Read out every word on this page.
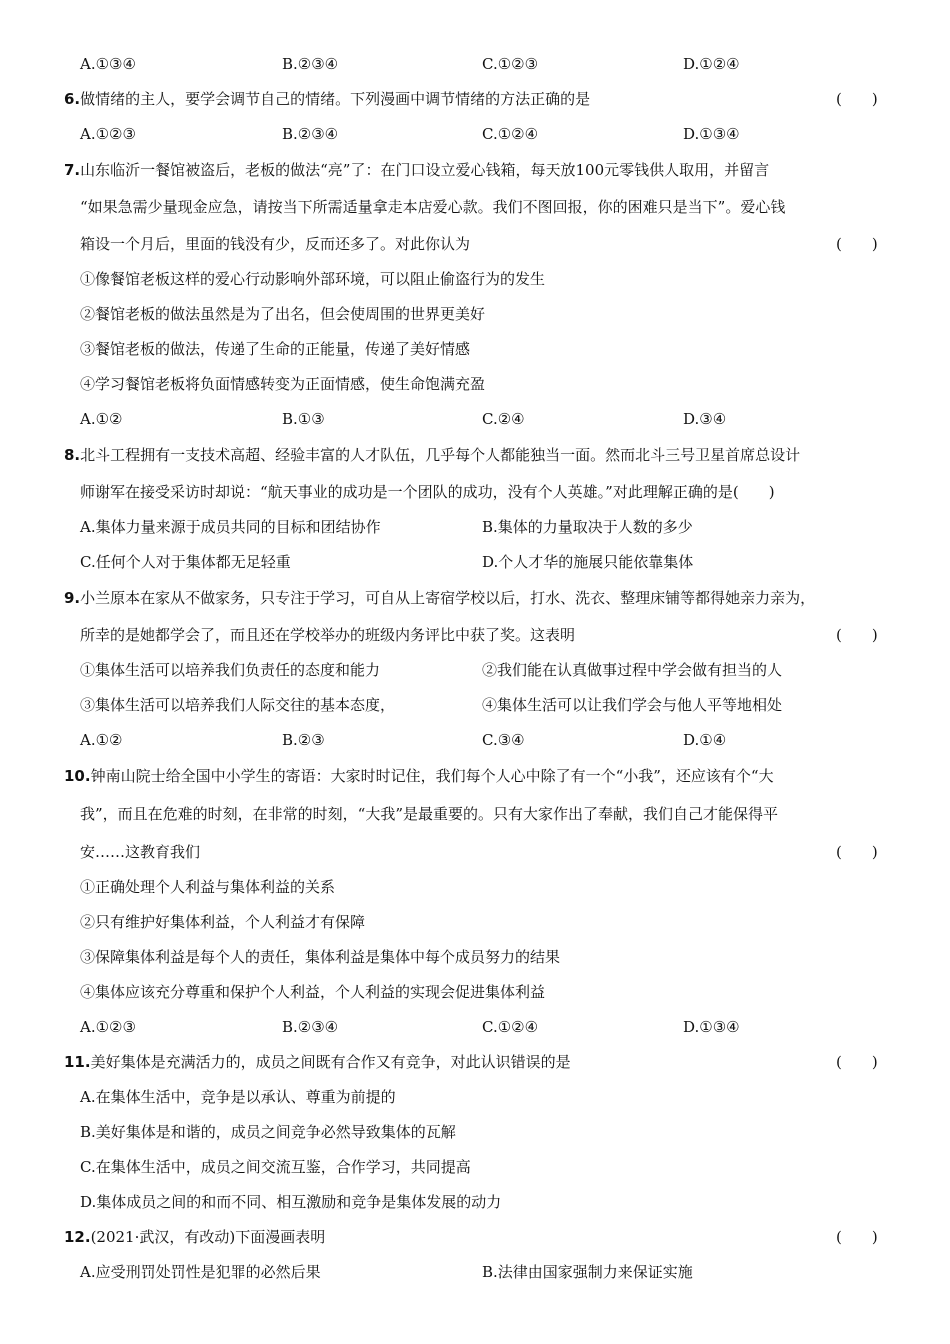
A.①③④	B.②③④	C.①②③	D.①②④
6.做情绪的主人，要学会调节自己的情绪。下列漫画中调节情绪的方法正确的是	(　　)
A.①②③	B.②③④	C.①②④	D.①③④
7.山东临沂一餐馆被盗后，老板的做法“亮”了：在门口设立爱心钱箱，每天放100元零钱供人取用，并留言
“如果急需少量现金应急，请按当下所需适量拿走本店爱心款。我们不图回报，你的困难只是当下”。爱心钱
箱设一个月后，里面的钱没有少，反而还多了。对此你认为	(　　)
①像餐馆老板这样的爱心行动影响外部环境，可以阻止偷盗行为的发生
②餐馆老板的做法虽然是为了出名，但会使周围的世界更美好
③餐馆老板的做法，传递了生命的正能量，传递了美好情感
④学习餐馆老板将负面情感转变为正面情感，使生命饱满充盈
A.①②	B.①③	C.②④	D.③④
8.北斗工程拥有一支技术高超、经验丰富的人才队伍，几乎每个人都能独当一面。然而北斗三号卫星首席总设计
师谢军在接受采访时却说：“航天事业的成功是一个团队的成功，没有个人英雄。”对此理解正确的是(　　)
A.集体力量来源于成员共同的目标和团结协作	B.集体的力量取决于人数的多少
C.任何个人对于集体都无足轻重	D.个人才华的施展只能依靠集体
9.小兰原本在家从不做家务，只专注于学习，可自从上寄宿学校以后，打水、洗衣、整理床铺等都得她亲力亲为，
所幸的是她都学会了，而且还在学校举办的班级内务评比中获了奖。这表明	(　　)
①集体生活可以培养我们负责任的态度和能力	②我们能在认真做事过程中学会做有担当的人
③集体生活可以培养我们人际交往的基本态度，	④集体生活可以让我们学会与他人平等地相处
A.①②	B.②③	C.③④	D.①④
10.钟南山院士给全国中小学生的寄语：大家时时记住，我们每个人心中除了有一个“小我”，还应该有个“大
我”，而且在危难的时刻，在非常的时刻，“大我”是最重要的。只有大家作出了奉献，我们自己才能保得平
安……这教育我们	(　　)
①正确处理个人利益与集体利益的关系
②只有维护好集体利益，个人利益才有保障
③保障集体利益是每个人的责任，集体利益是集体中每个成员努力的结果
④集体应该充分尊重和保护个人利益，个人利益的实现会促进集体利益
A.①②③	B.②③④	C.①②④	D.①③④
11.美好集体是充满活力的，成员之间既有合作又有竞争，对此认识错误的是	(　　)
A.在集体生活中，竞争是以承认、尊重为前提的
B.美好集体是和谐的，成员之间竞争必然导致集体的瓦解
C.在集体生活中，成员之间交流互鉴，合作学习，共同提高
D.集体成员之间的和而不同、相互激励和竞争是集体发展的动力
12.(2021·武汉，有改动)下面漫画表明	(　　)
A.应受刑罚处罚性是犯罪的必然后果	B.法律由国家强制力来保证实施
